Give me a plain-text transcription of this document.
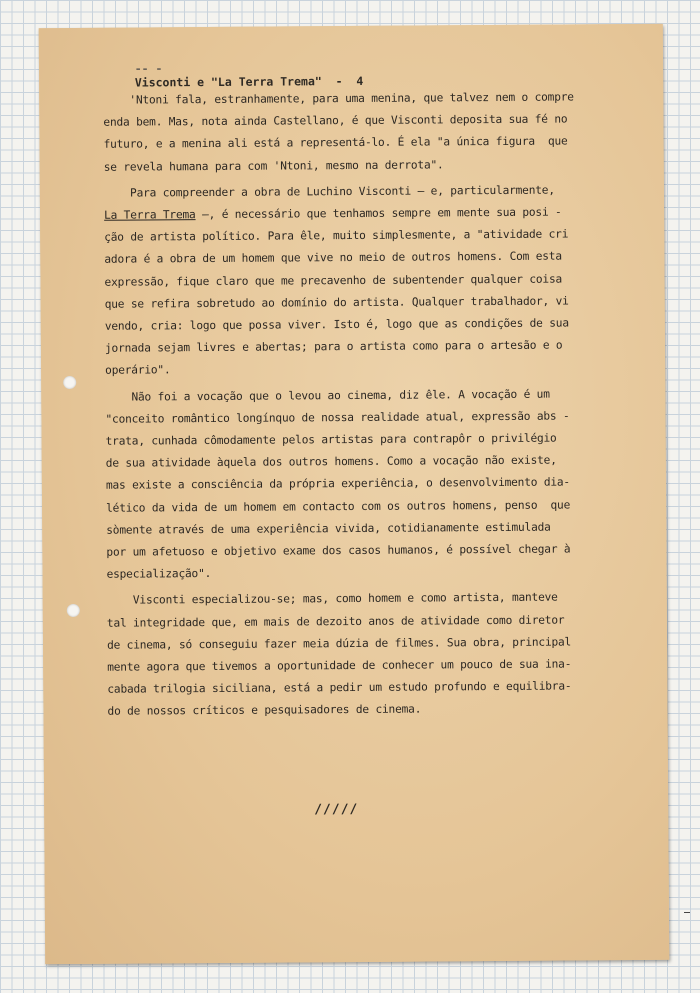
-- -
Visconti e "La Terra Trema"  -  4

'Ntoni fala, estranhamente, para uma menina, que talvez nem o compre
enda bem. Mas, nota ainda Castellano, é que Visconti deposita sua fé no
futuro, e a menina ali está a representá-lo. É ela "a única figura  que
se revela humana para com 'Ntoni, mesmo na derrota".

Para compreender a obra de Luchino Visconti — e, particularmente,
La Terra Trema —, é necessário que tenhamos sempre em mente sua posi -
ção de artista político. Para êle, muito simplesmente, a "atividade cri
adora é a obra de um homem que vive no meio de outros homens. Com esta
expressão, fique claro que me precavenho de subentender qualquer coisa
que se refira sobretudo ao domínio do artista. Qualquer trabalhador, vi
vendo, cria: logo que possa viver. Isto é, logo que as condições de sua
jornada sejam livres e abertas; para o artista como para o artesão e o
operário".

Não foi a vocação que o levou ao cinema, diz êle. A vocação é um
"conceito romântico longínquo de nossa realidade atual, expressão abs -
trata, cunhada cômodamente pelos artistas para contrapôr o privilégio
de sua atividade àquela dos outros homens. Como a vocação não existe,
mas existe a consciência da própria experiência, o desenvolvimento dia-
lético da vida de um homem em contacto com os outros homens, penso  que
sòmente através de uma experiência vivida, cotidianamente estimulada
por um afetuoso e objetivo exame dos casos humanos, é possível chegar à
especialização".

Visconti especializou-se; mas, como homem e como artista, manteve
tal integridade que, em mais de dezoito anos de atividade como diretor
de cinema, só conseguiu fazer meia dúzia de filmes. Sua obra, principal
mente agora que tivemos a oportunidade de conhecer um pouco de sua ina-
cabada trilogia siciliana, está a pedir um estudo profundo e equilibra-
do de nossos críticos e pesquisadores de cinema.

/////
